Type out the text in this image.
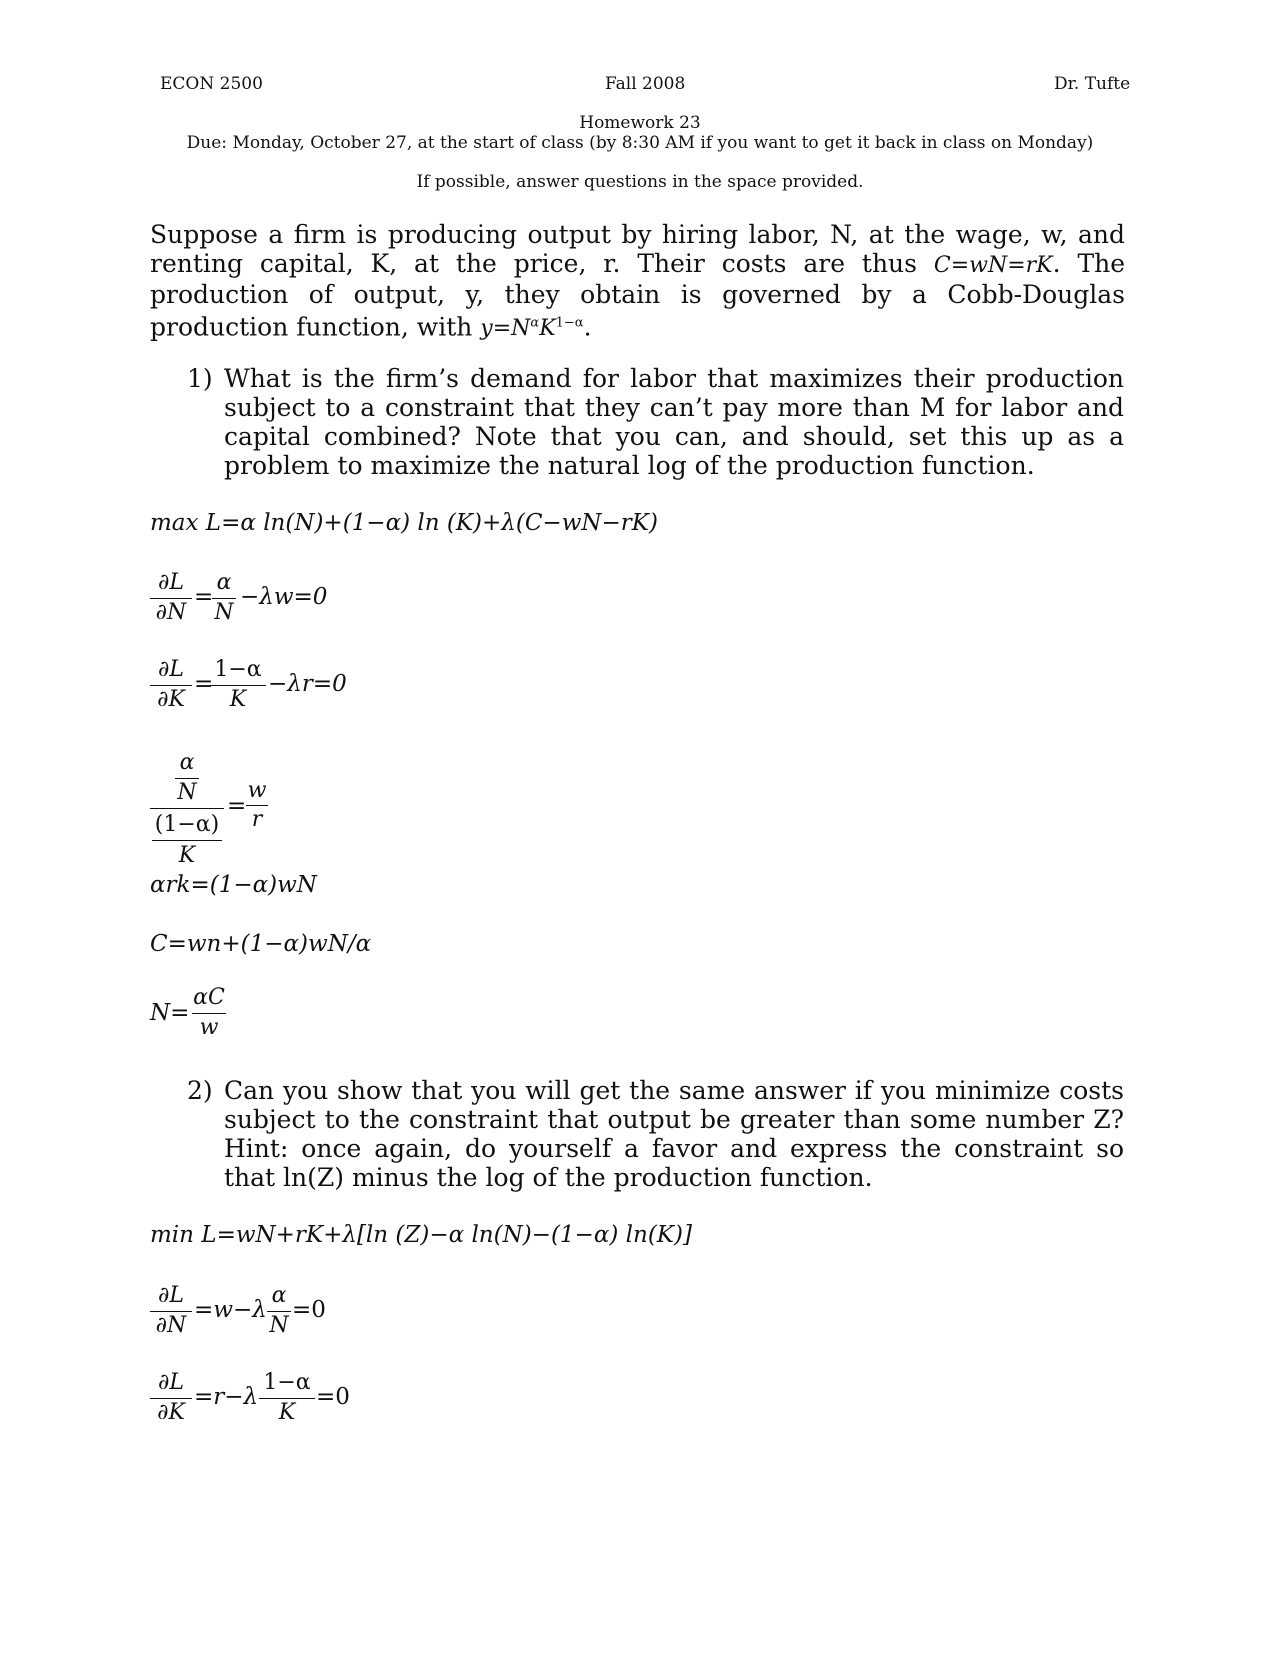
ECON 2500	Fall 2008	Dr. Tufte
Homework 23
Due: Monday, October 27, at the start of class (by 8:30 AM if you want to get it back in class on Monday)
If possible, answer questions in the space provided.
Suppose a firm is producing output by hiring labor, N, at the wage, w, and renting capital, K, at the price, r. Their costs are thus C=wN=rK. The production of output, y, they obtain is governed by a Cobb-Douglas production function, with $y=N^\alpha K^{1-\alpha}$.
1) What is the firm’s demand for labor that maximizes their production subject to a constraint that they can’t pay more than M for labor and capital combined? Note that you can, and should, set this up as a problem to maximize the natural log of the production function.
max L=α ln(N)+(1−α) ln (K)+λ(C−wN−rK)
∂L
∂N
=
α
N
−λw=0
∂L
∂K
=
1−α
K
−λr=0
α
N
(1−α)
K
=
w
r
αrk=(1−α)wN
C=wn+(1−α)wN/α
N=
αC
w
2) Can you show that you will get the same answer if you minimize costs subject to the constraint that output be greater than some number Z? Hint: once again, do yourself a favor and express the constraint so that ln(Z) minus the log of the production function.
min L=wN+rK+λ[ln (Z)−α ln(N)−(1−α) ln(K)]
∂L
∂N
=w−λ
α
N
=0
∂L
∂K
=r−λ
1−α
K
=0
